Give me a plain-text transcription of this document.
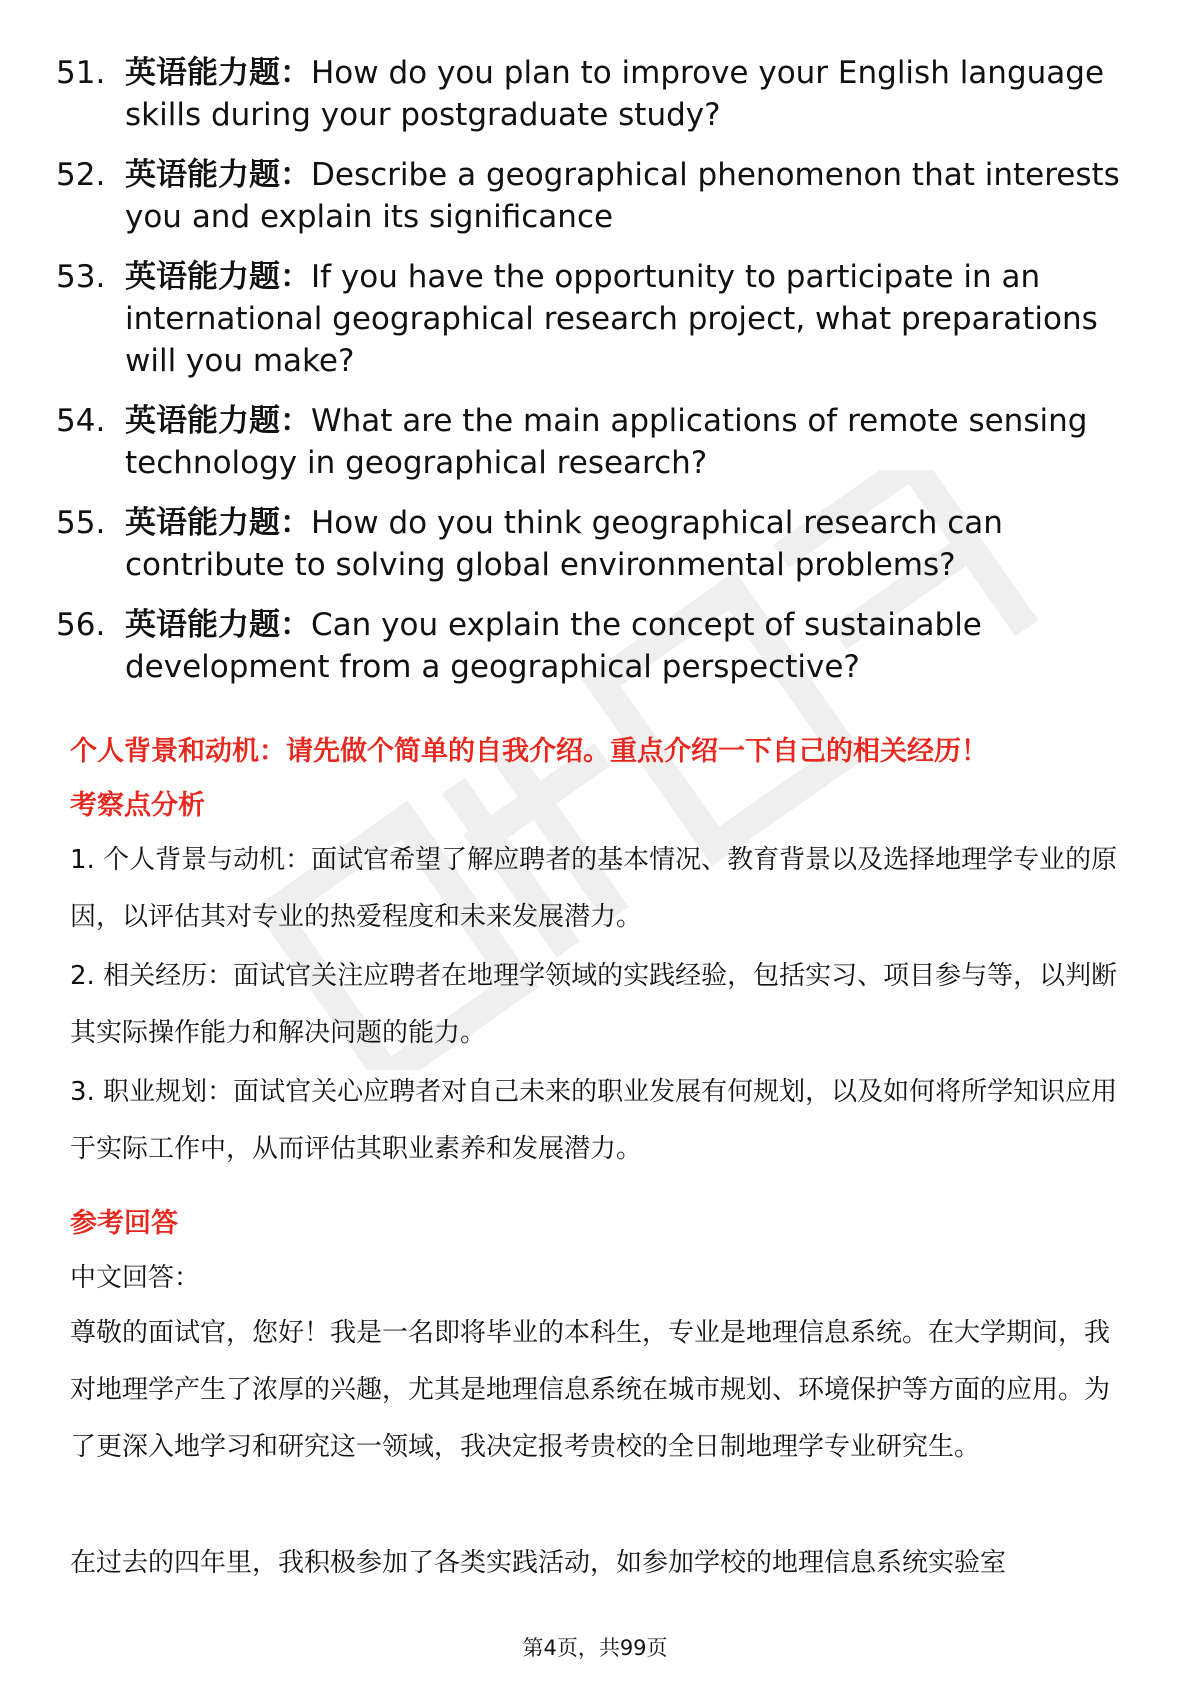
51. 英语能力题：How do you plan to improve your English language skills during your postgraduate study?
52. 英语能力题：Describe a geographical phenomenon that interests you and explain its significance
53. 英语能力题：If you have the opportunity to participate in an international geographical research project, what preparations will you make?
54. 英语能力题：What are the main applications of remote sensing technology in geographical research?
55. 英语能力题：How do you think geographical research can contribute to solving global environmental problems?
56. 英语能力题：Can you explain the concept of sustainable development from a geographical perspective?
个人背景和动机：请先做个简单的自我介绍。重点介绍一下自己的相关经历！
考察点分析
1. 个人背景与动机：面试官希望了解应聘者的基本情况、教育背景以及选择地理学专业的原因，以评估其对专业的热爱程度和未来发展潜力。
2. 相关经历：面试官关注应聘者在地理学领域的实践经验，包括实习、项目参与等，以判断其实际操作能力和解决问题的能力。
3. 职业规划：面试官关心应聘者对自己未来的职业发展有何规划，以及如何将所学知识应用于实际工作中，从而评估其职业素养和发展潜力。
参考回答
中文回答：
尊敬的面试官，您好！我是一名即将毕业的本科生，专业是地理信息系统。在大学期间，我对地理学产生了浓厚的兴趣，尤其是地理信息系统在城市规划、环境保护等方面的应用。为了更深入地学习和研究这一领域，我决定报考贵校的全日制地理学专业研究生。
在过去的四年里，我积极参加了各类实践活动，如参加学校的地理信息系统实验室
第4页，共99页
